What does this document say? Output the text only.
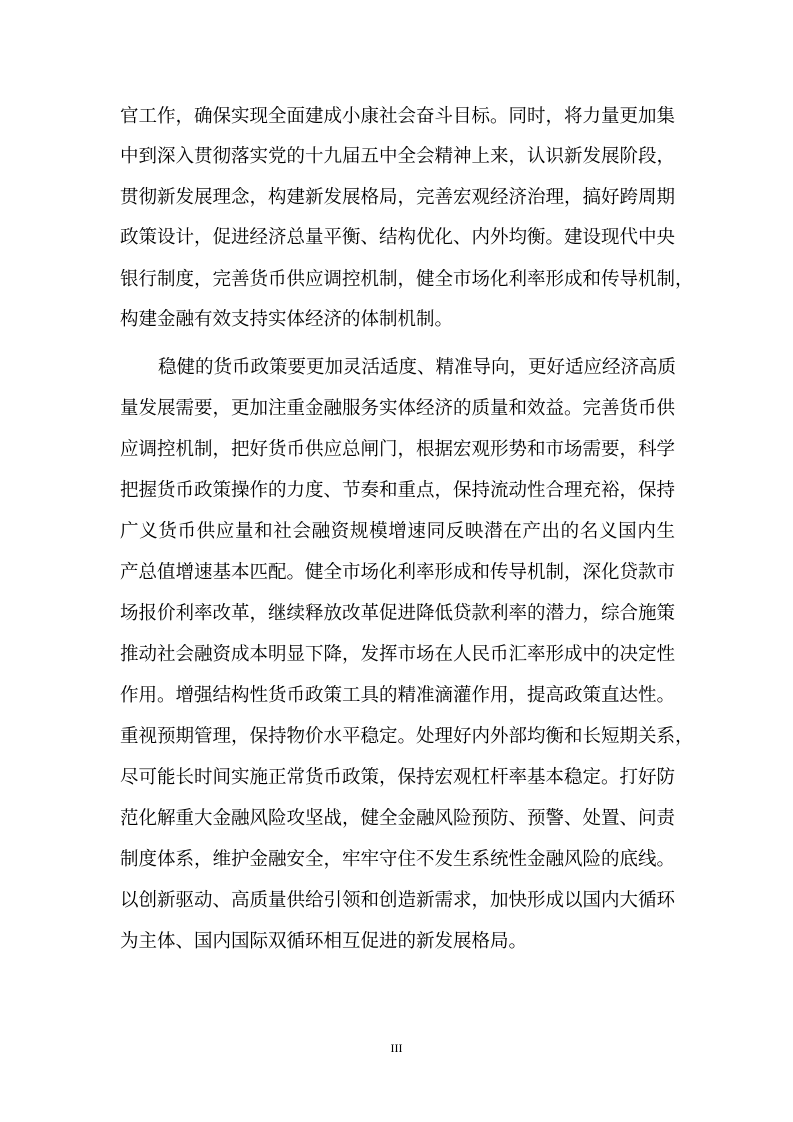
官工作，确保实现全面建成小康社会奋斗目标。同时，将力量更加集
中到深入贯彻落实党的十九届五中全会精神上来，认识新发展阶段，
贯彻新发展理念，构建新发展格局，完善宏观经济治理，搞好跨周期
政策设计，促进经济总量平衡、结构优化、内外均衡。建设现代中央
银行制度，完善货币供应调控机制，健全市场化利率形成和传导机制，
构建金融有效支持实体经济的体制机制。
稳健的货币政策要更加灵活适度、精准导向，更好适应经济高质
量发展需要，更加注重金融服务实体经济的质量和效益。完善货币供
应调控机制，把好货币供应总闸门，根据宏观形势和市场需要，科学
把握货币政策操作的力度、节奏和重点，保持流动性合理充裕，保持
广义货币供应量和社会融资规模增速同反映潜在产出的名义国内生
产总值增速基本匹配。健全市场化利率形成和传导机制，深化贷款市
场报价利率改革，继续释放改革促进降低贷款利率的潜力，综合施策
推动社会融资成本明显下降，发挥市场在人民币汇率形成中的决定性
作用。增强结构性货币政策工具的精准滴灌作用，提高政策直达性。
重视预期管理，保持物价水平稳定。处理好内外部均衡和长短期关系，
尽可能长时间实施正常货币政策，保持宏观杠杆率基本稳定。打好防
范化解重大金融风险攻坚战，健全金融风险预防、预警、处置、问责
制度体系，维护金融安全，牢牢守住不发生系统性金融风险的底线。
以创新驱动、高质量供给引领和创造新需求，加快形成以国内大循环
为主体、国内国际双循环相互促进的新发展格局。
III
